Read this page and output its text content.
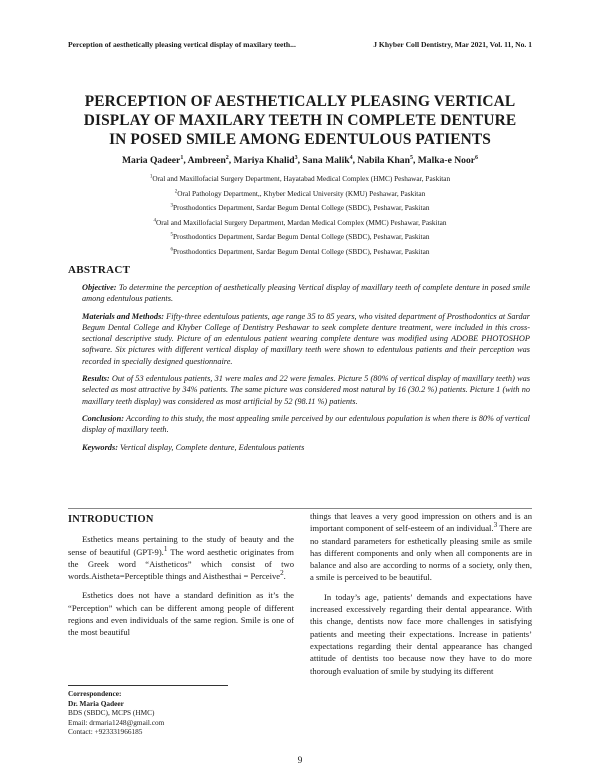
Perception of aesthetically pleasing vertical display of maxilary teeth...	J Khyber Coll Dentistry, Mar 2021, Vol. 11, No. 1
PERCEPTION OF AESTHETICALLY PLEASING VERTICAL
DISPLAY OF MAXILARY TEETH IN COMPLETE DENTURE
IN POSED SMILE AMONG EDENTULOUS PATIENTS
Maria Qadeer$^1$, Ambreen$^2$, Mariya Khalid$^3$, Sana Malik$^4$, Nabila Khan$^5$, Malka-e Noor$^6$
$^1$Oral and Maxillofacial Surgery Department, Hayatabad Medical Complex (HMC) Peshawar, Paskitan
$^2$Oral Pathology Department,, Khyber Medical University (KMU) Peshawar, Paskitan
$^3$Prosthodontics Department, Sardar Begum Dental College (SBDC), Peshawar, Paskitan
$^4$Oral and Maxillofacial Surgery Department, Mardan Medical Complex (MMC) Peshawar, Paskitan
$^5$Prosthodontics Department, Sardar Begum Dental College (SBDC), Peshawar, Paskitan
$^6$Prosthodontics Department, Sardar Begum Dental College (SBDC), Peshawar, Paskitan
ABSTRACT

Objective: To determine the perception of aesthetically pleasing Vertical display of maxillary teeth of complete denture in posed smile among edentulous patients.

Materials and Methods: Fifty-three edentulous patients, age range 35 to 85 years, who visited department of Prosthodontics at Sardar Begum Dental College and Khyber College of Dentistry Peshawar to seek complete denture treatment, were included in this cross-sectional descriptive study. Picture of an edentulous patient wearing complete denture was modified using ADOBE PHOTOSHOP software. Six pictures with different vertical display of maxillary teeth were shown to edentulous patients and their perception was recorded in specially designed questionnaire.

Results: Out of 53 edentulous patients, 31 were males and 22 were females. Picture 5 (80% of vertical display of maxillary teeth) was selected as most attractive by 34% patients. The same picture was considered most natural by 16 (30.2 %) patients. Picture 1 (with no maxillary teeth display) was considered as most artificial by 52 (98.11 %) patients.

Conclusion: According to this study, the most appealing smile perceived by our edentulous population is when there is 80% of vertical display of maxillary teeth.

Keywords: Vertical display, Complete denture, Edentulous patients

INTRODUCTION

Esthetics means pertaining to the study of beauty and the sense of beautiful (GPT-9).$^1$ The word aesthetic originates from the Greek word “Aistheticos” which consist of two words.Aistheta=Perceptible things and Aisthesthai = Perceive$^2$.

Esthetics does not have a standard definition as it’s the “Perception” which can be different among people of different regions and even individuals of the same region. Smile is one of the most beautiful

Correspondence:
Dr. Maria Qadeer
BDS (SBDC), MCPS (HMC)
Email: drmaria1248@gmail.com
Contact: +923331966185

things that leaves a very good impression on others and is an important component of self-esteem of an individual.$^3$ There are no standard parameters for esthetically pleasing smile as smile has different components and only when all components are in balance and also are according to norms of a society, only then, a smile is perceived to be beautiful.

In today’s age, patients’ demands and expectations have increased excessively regarding their dental appearance. With this change, dentists now face more challenges in satisfying patients and meeting their expectations. Increase in patients’ expectations regarding their dental appearance has changed attitude of dentists too because now they have to do more thorough evaluation of smile by studying its different

9
